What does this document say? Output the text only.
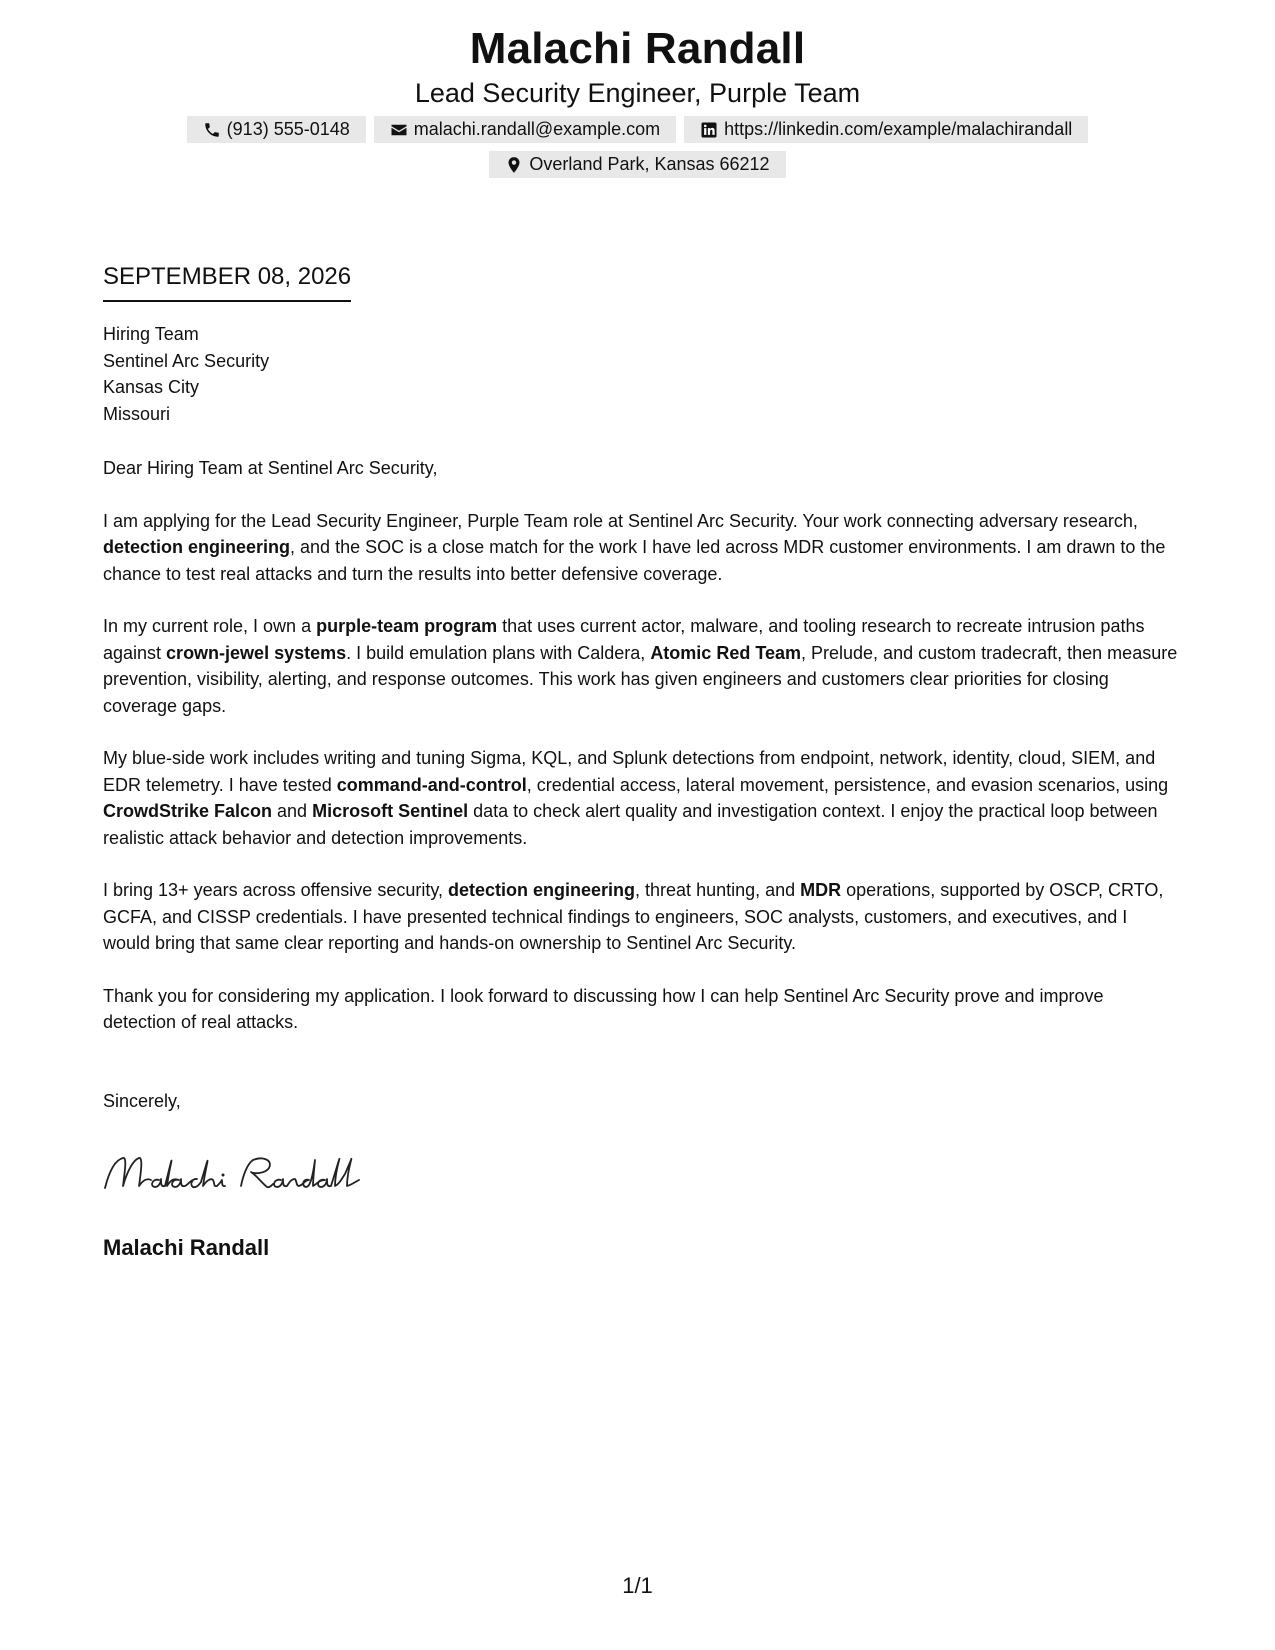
Malachi Randall
Lead Security Engineer, Purple Team
(913) 555-0148	malachi.randall@example.com	https://linkedin.com/example/malachirandall
Overland Park, Kansas 66212
SEPTEMBER 08, 2026
Hiring Team
Sentinel Arc Security
Kansas City
Missouri

Dear Hiring Team at Sentinel Arc Security,

I am applying for the Lead Security Engineer, Purple Team role at Sentinel Arc Security. Your work connecting adversary research, detection engineering, and the SOC is a close match for the work I have led across MDR customer environments. I am drawn to the chance to test real attacks and turn the results into better defensive coverage.

In my current role, I own a purple-team program that uses current actor, malware, and tooling research to recreate intrusion paths against crown-jewel systems. I build emulation plans with Caldera, Atomic Red Team, Prelude, and custom tradecraft, then measure prevention, visibility, alerting, and response outcomes. This work has given engineers and customers clear priorities for closing coverage gaps.

My blue-side work includes writing and tuning Sigma, KQL, and Splunk detections from endpoint, network, identity, cloud, SIEM, and EDR telemetry. I have tested command-and-control, credential access, lateral movement, persistence, and evasion scenarios, using CrowdStrike Falcon and Microsoft Sentinel data to check alert quality and investigation context. I enjoy the practical loop between realistic attack behavior and detection improvements.

I bring 13+ years across offensive security, detection engineering, threat hunting, and MDR operations, supported by OSCP, CRTO, GCFA, and CISSP credentials. I have presented technical findings to engineers, SOC analysts, customers, and executives, and I would bring that same clear reporting and hands-on ownership to Sentinel Arc Security.

Thank you for considering my application. I look forward to discussing how I can help Sentinel Arc Security prove and improve detection of real attacks.

Sincerely,
Malachi Randall
1/1
